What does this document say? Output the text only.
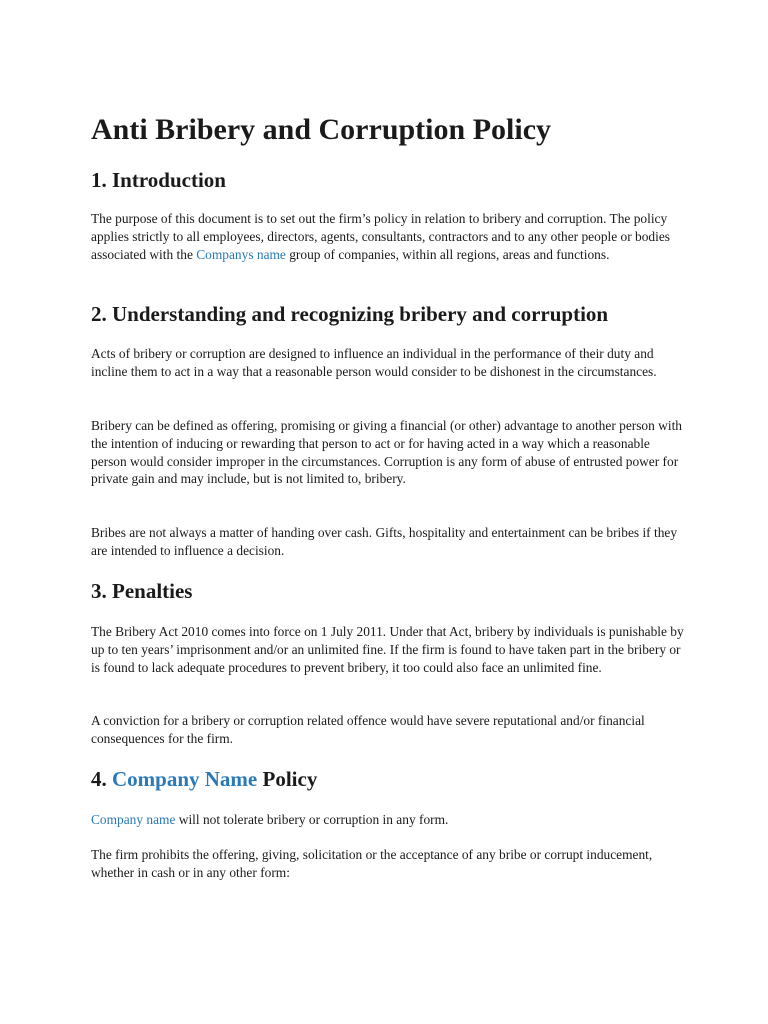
Anti Bribery and Corruption Policy
1. Introduction

The purpose of this document is to set out the firm’s policy in relation to bribery and corruption. The policy applies strictly to all employees, directors, agents, consultants, contractors and to any other people or bodies associated with the Companys name group of companies, within all regions, areas and functions.

2. Understanding and recognizing bribery and corruption

Acts of bribery or corruption are designed to influence an individual in the performance of their duty and incline them to act in a way that a reasonable person would consider to be dishonest in the circumstances.

Bribery can be defined as offering, promising or giving a financial (or other) advantage to another person with the intention of inducing or rewarding that person to act or for having acted in a way which a reasonable person would consider improper in the circumstances. Corruption is any form of abuse of entrusted power for private gain and may include, but is not limited to, bribery.

Bribes are not always a matter of handing over cash. Gifts, hospitality and entertainment can be bribes if they are intended to influence a decision.

3. Penalties

The Bribery Act 2010 comes into force on 1 July 2011. Under that Act, bribery by individuals is punishable by up to ten years’ imprisonment and/or an unlimited fine. If the firm is found to have taken part in the bribery or is found to lack adequate procedures to prevent bribery, it too could also face an unlimited fine.

A conviction for a bribery or corruption related offence would have severe reputational and/or financial consequences for the firm.

4. Company Name Policy

Company name will not tolerate bribery or corruption in any form.

The firm prohibits the offering, giving, solicitation or the acceptance of any bribe or corrupt inducement, whether in cash or in any other form:
